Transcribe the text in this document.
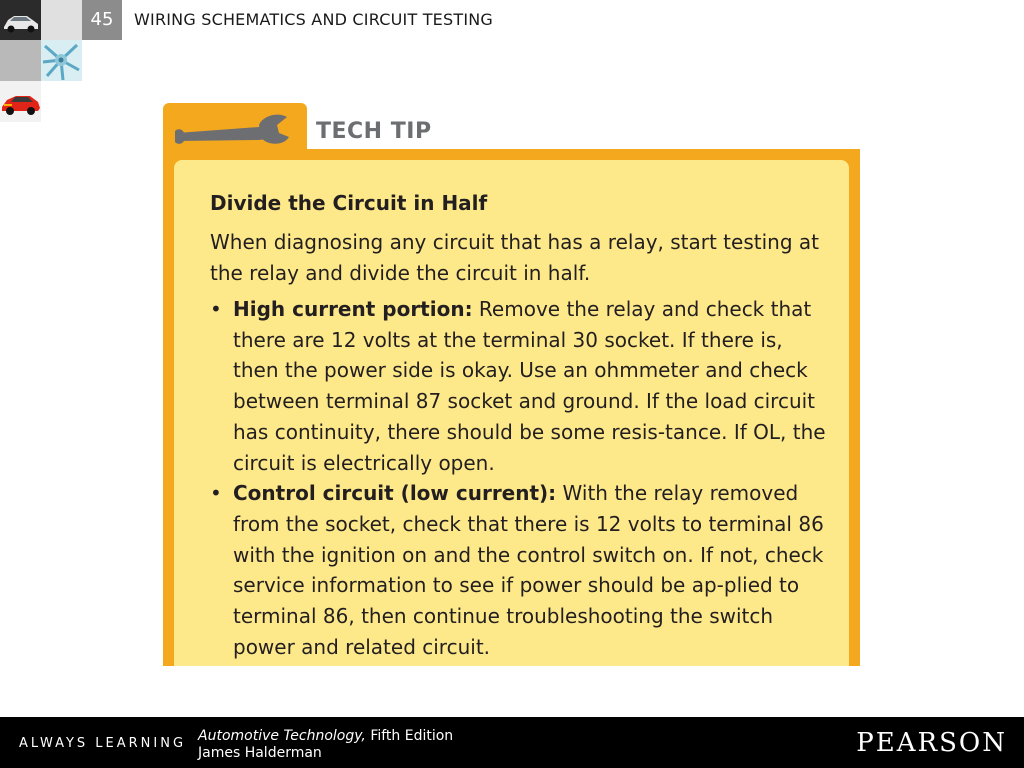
45	WIRING SCHEMATICS AND CIRCUIT TESTING
TECH TIP
Divide the Circuit in Half

When diagnosing any circuit that has a relay, start testing at the relay and divide the circuit in half.

• High current portion: Remove the relay and check that there are 12 volts at the terminal 30 socket. If there is, then the power side is okay. Use an ohmmeter and check between terminal 87 socket and ground. If the load circuit has continuity, there should be some resis-tance. If OL, the circuit is electrically open.
• Control circuit (low current): With the relay removed from the socket, check that there is 12 volts to terminal 86 with the ignition on and the control switch on. If not, check service information to see if power should be ap-plied to terminal 86, then continue troubleshooting the switch power and related circuit.
ALWAYS LEARNING Automotive Technology, Fifth Edition
James Halderman	PEARSON
